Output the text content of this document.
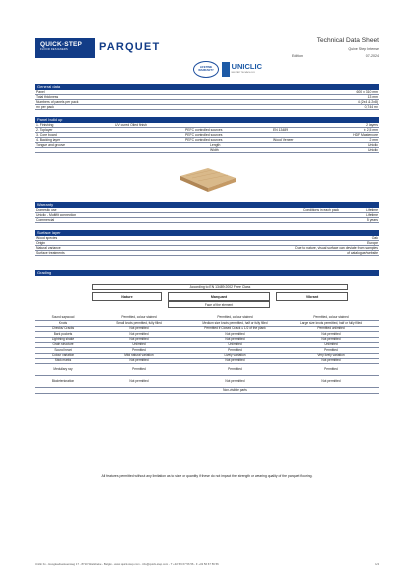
QUICK·STEP
FLOOR DESIGNERS	PARQUET
Technical Data Sheet
Quixe Step Intense
Edition	07-2024
LIFETIME
WARRANTY	UNICLIC
MULTIFIT TECHNOLOGY
General data
Panel	600 x 310 mm
Total thickness	13 mm
Numbers of panels per pack	4 (2x4 & 2x8)
m² per pack	0,744 m²
Panel build up
1. Finishing	UV cured Oiled finish	2 layers
2. Toplayer	PEFC controlled sources	EN 13489	± 2,5 mm
3. Core board	PEFC controlled sources	HDF Mastercore
4. Backing layer	PEFC controlled sources	Wood Veneer	2 mm
Tongue and groove	Length	Uniclic
Width	Uniclic
Warranty
Domestic use	Conditions in each pack	Lifetime
Uniclic - Multifit connection	Lifetime
Commercial	5 years
Surface layer
Wood species	Oak
Origin	Europe
Natural variance	Due to nature, visual surface can deviate from samples
Surface treatments	of catalogue/website
Grading
According to EN 13489:2002 Free Class
Nature	Marquant	Vibrant
Face of the element
Sound sapwood	Permitted, colour stained	Permitted, colour stained	Permitted, colour stained
Knots	Small knots permitted, fully filled	Medium size knots permitted, half or fully filled	Large size knots permitted, half or fully filled
Checks/ Cracks	Not permitted	Permitted if Closed Crack ≤ 1/2 of the plank	Permitted unlimited
Bark pockets	Not permitted	Not permitted	Not permitted
Lightning shake	Not permitted	Not permitted	Not permitted
Grain structure	Unlimited	Unlimited	Unlimited
Sound heart	Permitted	Permitted	Permitted
Colour variation	Mild natural variation	Lively variation	Very lively variation
Stick marks	Not permitted	Not permitted	Not permitted
Medullary ray	Permitted	Permitted	Permitted
Biodeterioration	Not permitted	Not permitted	Not permitted
		Non-visible parts	
All features permitted without any limitation as to size or quantity if these do not impact the strength or wearing quality of the parquet flooring.
Unilin bv - Hoogleedsesteenweg 17 - 8710 Wielsbeke - België - www.quick-step.com - info@quick-step.com - T +32 56 67 56 56 - F +32 56 67 56 56	1/4
